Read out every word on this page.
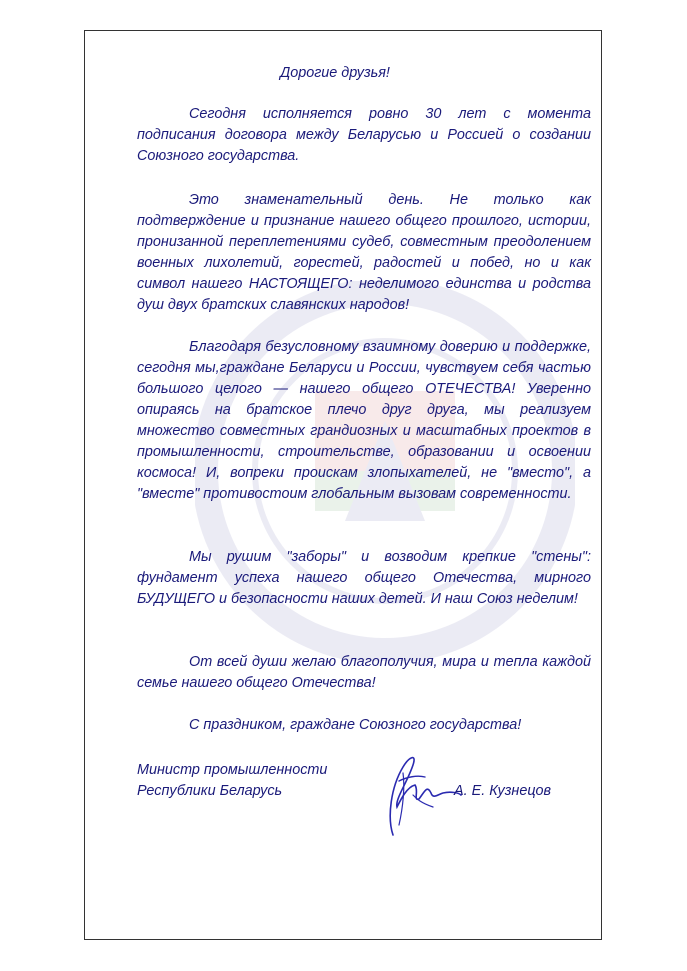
Дорогие друзья!

Сегодня исполняется ровно 30 лет с момента подписания договора между Беларусью и Россией о создании Союзного государства.

Это знаменательный день. Не только как подтверждение и признание нашего общего прошлого, истории, пронизанной переплетениями судеб, совместным преодолением военных лихолетий, горестей, радостей и побед, но и как символ нашего НАСТОЯЩЕГО: неделимого единства и родства душ двух братских славянских народов!

Благодаря безусловному взаимному доверию и поддержке, сегодня мы,граждане Беларуси и России, чувствуем себя частью большого целого — нашего общего ОТЕЧЕСТВА! Уверенно опираясь на братское плечо друг друга, мы реализуем множество совместных грандиозных и масштабных проектов в промышленности, строительстве, образовании и освоении космоса! И, вопреки проискам злопыхателей, не "вместо", а "вместе" противостоим глобальным вызовам современности.

Мы рушим "заборы" и возводим крепкие "стены": фундамент успеха нашего общего Отечества, мирного БУДУЩЕГО и безопасности наших детей. И наш Союз неделим!

От всей души желаю благополучия, мира и тепла каждой семье нашего общего Отечества!

С праздником, граждане Союзного государства!

Министр промышленности
Республики Беларусь	А. Е. Кузнецов
